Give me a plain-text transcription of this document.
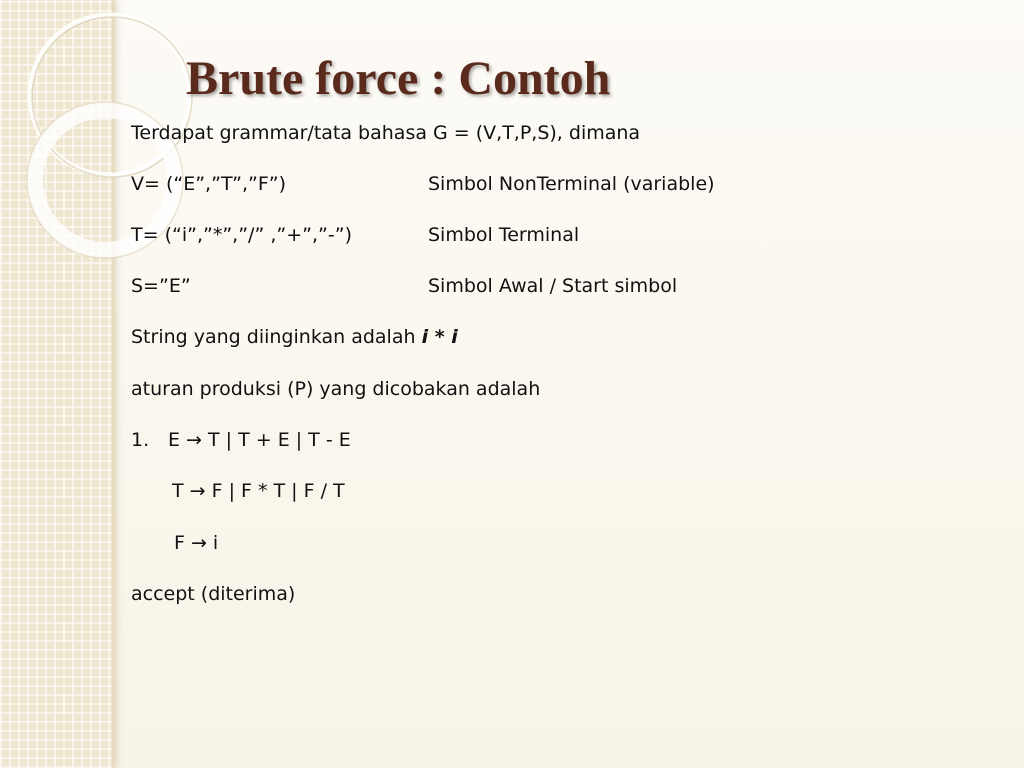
Brute force : Contoh
Terdapat grammar/tata bahasa G = (V,T,P,S), dimana
V= (“E”,”T”,”F”)	Simbol NonTerminal (variable)
T= (“i”,”*”,”/” ,”+”,”-”)	Simbol Terminal
S=”E”	Simbol Awal / Start simbol
String yang diinginkan adalah i * i
aturan produksi (P) yang dicobakan adalah
1. E → T | T + E | T - E
T → F | F * T | F / T
F → i
accept (diterima)
